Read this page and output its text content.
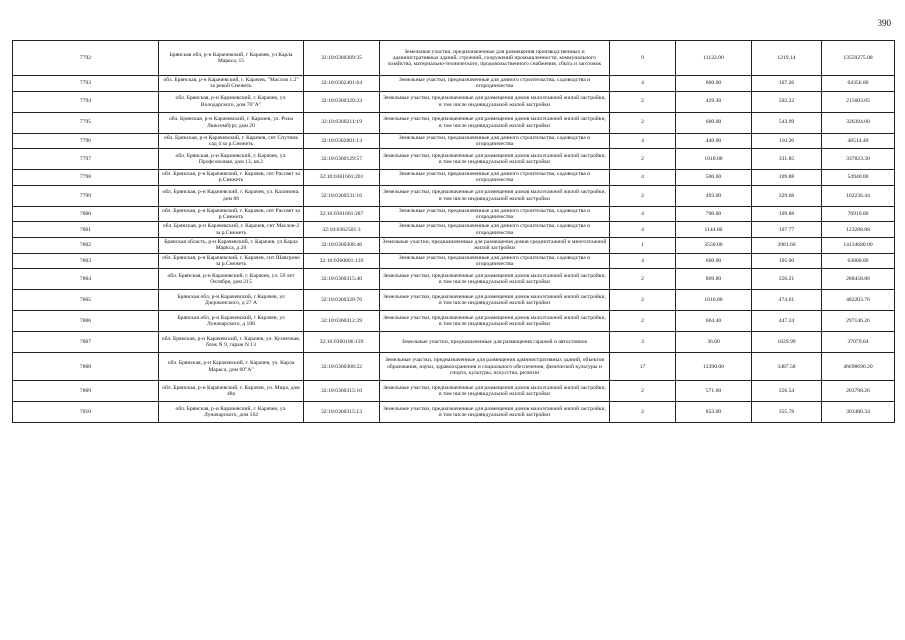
390
7792	Брянская обл, р-н Карачевский, г Карачев, ул Карла Маркса, 15	32:10:0360309:35	Земельные участки, предназначенные для размещения производственных и административных зданий, строений, сооружений промышленности, коммунального хозяйства, материально-технического, продовольственного снабжения, сбыта и заготовок	9	11122.00	1219.14	13559275.08
7793	обл. Брянская, р-н Карачевский, г. Карачев, "Маслов 1.2" за рекой Снежеть	32:10:0362401:64	Земельные участки, предназначенные для дачного строительства, садоводства и огородничества	4	600.00	107.26	64356.00
7794	обл. Брянская, р-н Карачевский, г. Карачев, ул. Володарского, дом 70"А"	32:10:0360320:23	Земельные участки, предназначенные для размещения домов малоэтажной жилой застройки, в том числе индивидуальной жилой застройки	2	429.30	502.22	215603.05
7795	обл. Брянская, р-н Карачевский, г. Карачев, ул. Розы Люксембург, дом 20	32:10:0360211:19	Земельные участки, предназначенные для размещения домов малоэтажной жилой застройки, в том числе индивидуальной жилой застройки	2	600.00	543.99	326394.00
7796	обл. Брянская, р-н Карачевский, г. Карачев, снт Спутник сад 4 за р.Снежеть	32:10:0362001:13	Земельные участки, предназначенные для дачного строительства, садоводства и огородничества	4	440.00	110.26	48514.40
7797	обл. Брянская, р-н Карачевский, г. Карачев, ул. Профсоюзная, дом 13, кв.2	32:10:0360129:57	Земельные участки, предназначенные для размещения домов малоэтажной жилой застройки, в том числе индивидуальной жилой застройки	2	1018.00	331.85	337823.30
7798	обл. Брянская, р-н Карачевский, г. Карачев, снт Рассвет за р.Снежеть	32:10:0361601:201	Земельные участки, предназначенные для дачного строительства, садоводства и огородничества	4	500.00	109.88	54940.00
7799	обл. Брянская, р-н Карачевский, г. Карачев, ул. Калинина, дом 86	32:10:0360531:16	Земельные участки, предназначенные для размещения домов малоэтажной жилой застройки, в том числе индивидуальной жилой застройки	2	493.00	329.08	162236.44
7800	обл. Брянская, р-н Карачевский, г. Карачев, снт Рассвет за р.Снежеть	32:10:0361601:287	Земельные участки, предназначенные для дачного строительства, садоводства и огородничества	4	700.00	109.88	76916.00
7801	обл. Брянская, р-н Карачевский, г. Карачев, снт Маслов-2 за р.Снежеть	32:10:0362501:3	Земельные участки, предназначенные для дачного строительства, садоводства и огородничества	4	1144.00	107.77	123288.88
7802	Брянская область, р-н Карачевский, г. Карачев, ул Карла Маркса, д 20	32:10:0360308:46	Земельные участки, предназначенные для размещения домов среднеэтажной и многоэтажной жилой застройки	1	3550.00	3981.60	14134680.00
7803	обл. Брянская, р-н Карачевский, г. Карачев, снт Шавгрово за р.Снежеть	32:10:0360801:139	Земельные участки, предназначенные для дачного строительства, садоводства и огородничества	4	600.00	105.00	63000.00
7804	обл. Брянская, р-н Карачевский, г. Карачев, ул. 50 лет Октября, дом 215	32:10:0360315:40	Земельные участки, предназначенные для размещения домов малоэтажной жилой застройки, в том числе индивидуальной жилой застройки	2	809.80	356.21	288458.86
7805	Брянская обл, р-н Карачевский, г Карачев, ул Дзержинского, д 27 А	32:10:0360320:76	Земельные участки, предназначенные для размещения домов малоэтажной жилой застройки, в том числе индивидуальной жилой застройки	2	1016.00	474.61	482203.76
7806	Брянская обл, р-н Карачевский, г Карачев, ул Луначарского, д 108	32:10:0360312:39	Земельные участки, предназначенные для размещения домов малоэтажной жилой застройки, в том числе индивидуальной жилой застройки	2	664.40	447.24	297146.26
7807	обл. Брянская, р-н Карачевский, г. Карачев, ул. Кузнечная, блок N 9, гараж N 13	32:10:0360106:139	Земельные участки, предназначенные для размещения гаражей и автостоянок	3	36.00	1029.99	37079.64
7808	обл. Брянская, р-н Карачевский, г. Карачев, ул. Карла Маркса, дом 60"А"	32:10:0360308:22	Земельные участки, предназначенные для размещения административных зданий, объектов образования, науки, здравоохранения и социального обеспечения, физической культуры и спорта, культуры, искусства, религии	17	13390.00	3487.58	46698696.20
7809	обл. Брянская, р-н Карачевский, г. Карачев, ул. Мира, дом 48а	32:10:0360315:10	Земельные участки, предназначенные для размещения домов малоэтажной жилой застройки, в том числе индивидуальной жилой застройки	2	571.60	356.54	203798.26
7810	обл. Брянская, р-н Карачевский, г. Карачев, ул. Луначарского, дом 162	32:10:0360315:13	Земельные участки, предназначенные для размещения домов малоэтажной жилой застройки, в том числе индивидуальной жилой застройки	2	853.00	355.78	303480.34
